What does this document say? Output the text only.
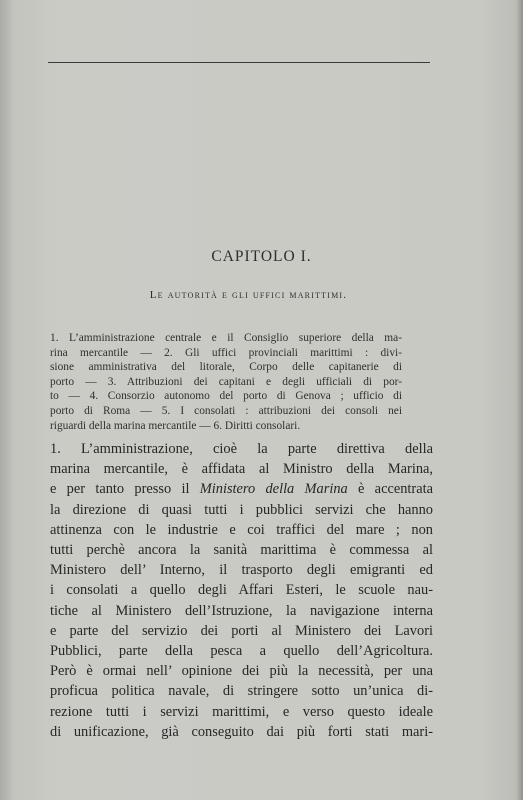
CAPITOLO I.
Le autorità e gli uffici marittimi.
1. L’amministrazione centrale e il Consiglio superiore della ma-
rina mercantile — 2. Gli uffici provinciali marittimi : divi-
sione amministrativa del litorale, Corpo delle capitanerie di
porto — 3. Attribuzioni dei capitani e degli ufficiali di por-
to — 4. Consorzio autonomo del porto di Genova ; ufficio di
porto di Roma — 5. I consolati : attribuzioni dei consoli nei
riguardi della marina mercantile — 6. Diritti consolari.
1. L’amministrazione, cioè la parte direttiva della
marina mercantile, è affidata al Ministro della Marina,
e per tanto presso il Ministero della Marina è accentrata
la direzione di quasi tutti i pubblici servizi che hanno
attinenza con le industrie e coi traffici del mare ; non
tutti perchè ancora la sanità marittima è commessa al
Ministero dell’ Interno, il trasporto degli emigranti ed
i consolati a quello degli Affari Esteri, le scuole nau-
tiche al Ministero dell’Istruzione, la navigazione interna
e parte del servizio dei porti al Ministero dei Lavori
Pubblici, parte della pesca a quello dell’Agricoltura.
Però è ormai nell’ opinione dei più la necessità, per una
proficua politica navale, di stringere sotto un’unica di-
rezione tutti i servizi marittimi, e verso questo ideale
di unificazione, già conseguito dai più forti stati mari-
